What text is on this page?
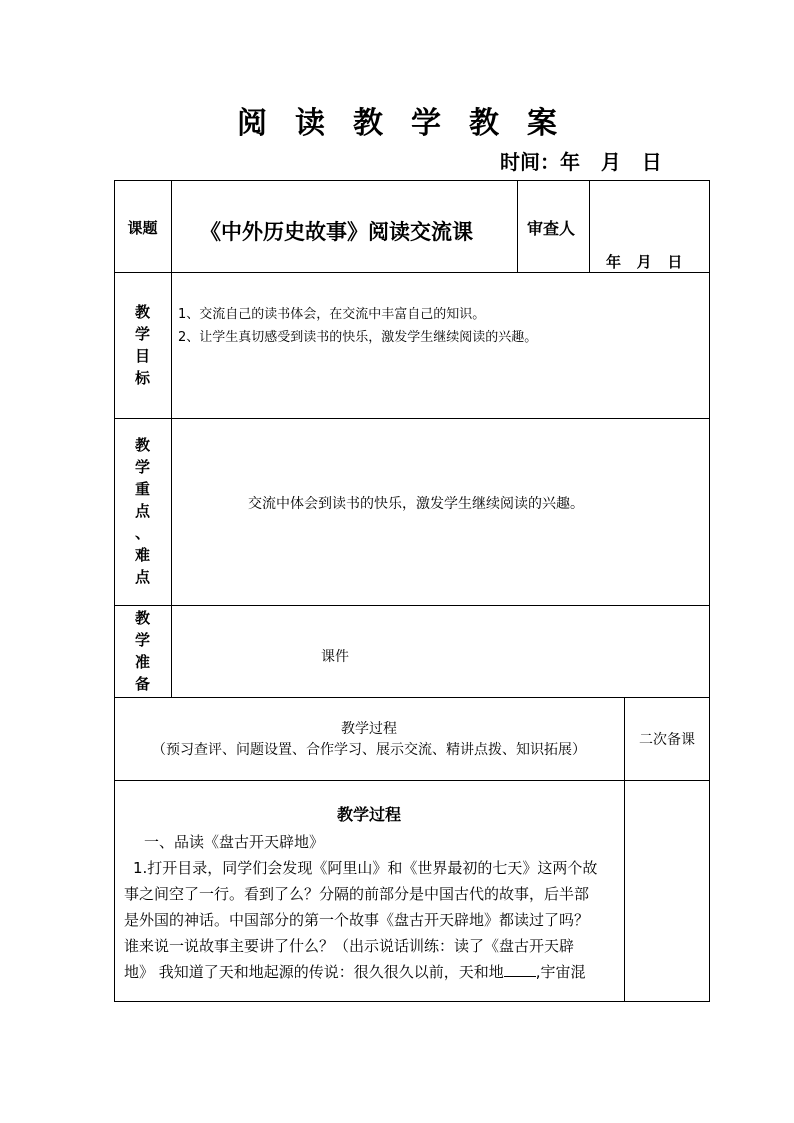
阅读教学教案
时间：年   月   日
课题	《中外历史故事》阅读交流课	审查人
年   月   日
教
学
目
标
1、交流自己的读书体会，在交流中丰富自己的知识。
2、让学生真切感受到读书的快乐，激发学生继续阅读的兴趣。
教
学
重
点
、
难
点
交流中体会到读书的快乐，激发学生继续阅读的兴趣。
教
学
准
备
课件
教学过程
（预习查评、问题设置、合作学习、展示交流、精讲点拨、知识拓展）
二次备课
教学过程
一、品读《盘古开天辟地》
1.打开目录，同学们会发现《阿里山》和《世界最初的七天》这两个故
事之间空了一行。看到了么？分隔的前部分是中国古代的故事，后半部
是外国的神话。中国部分的第一个故事《盘古开天辟地》都读过了吗？
谁来说一说故事主要讲了什么？（出示说话训练：读了《盘古开天辟
地》 我知道了天和地起源的传说：很久很久以前，天和地 ,宇宙混
